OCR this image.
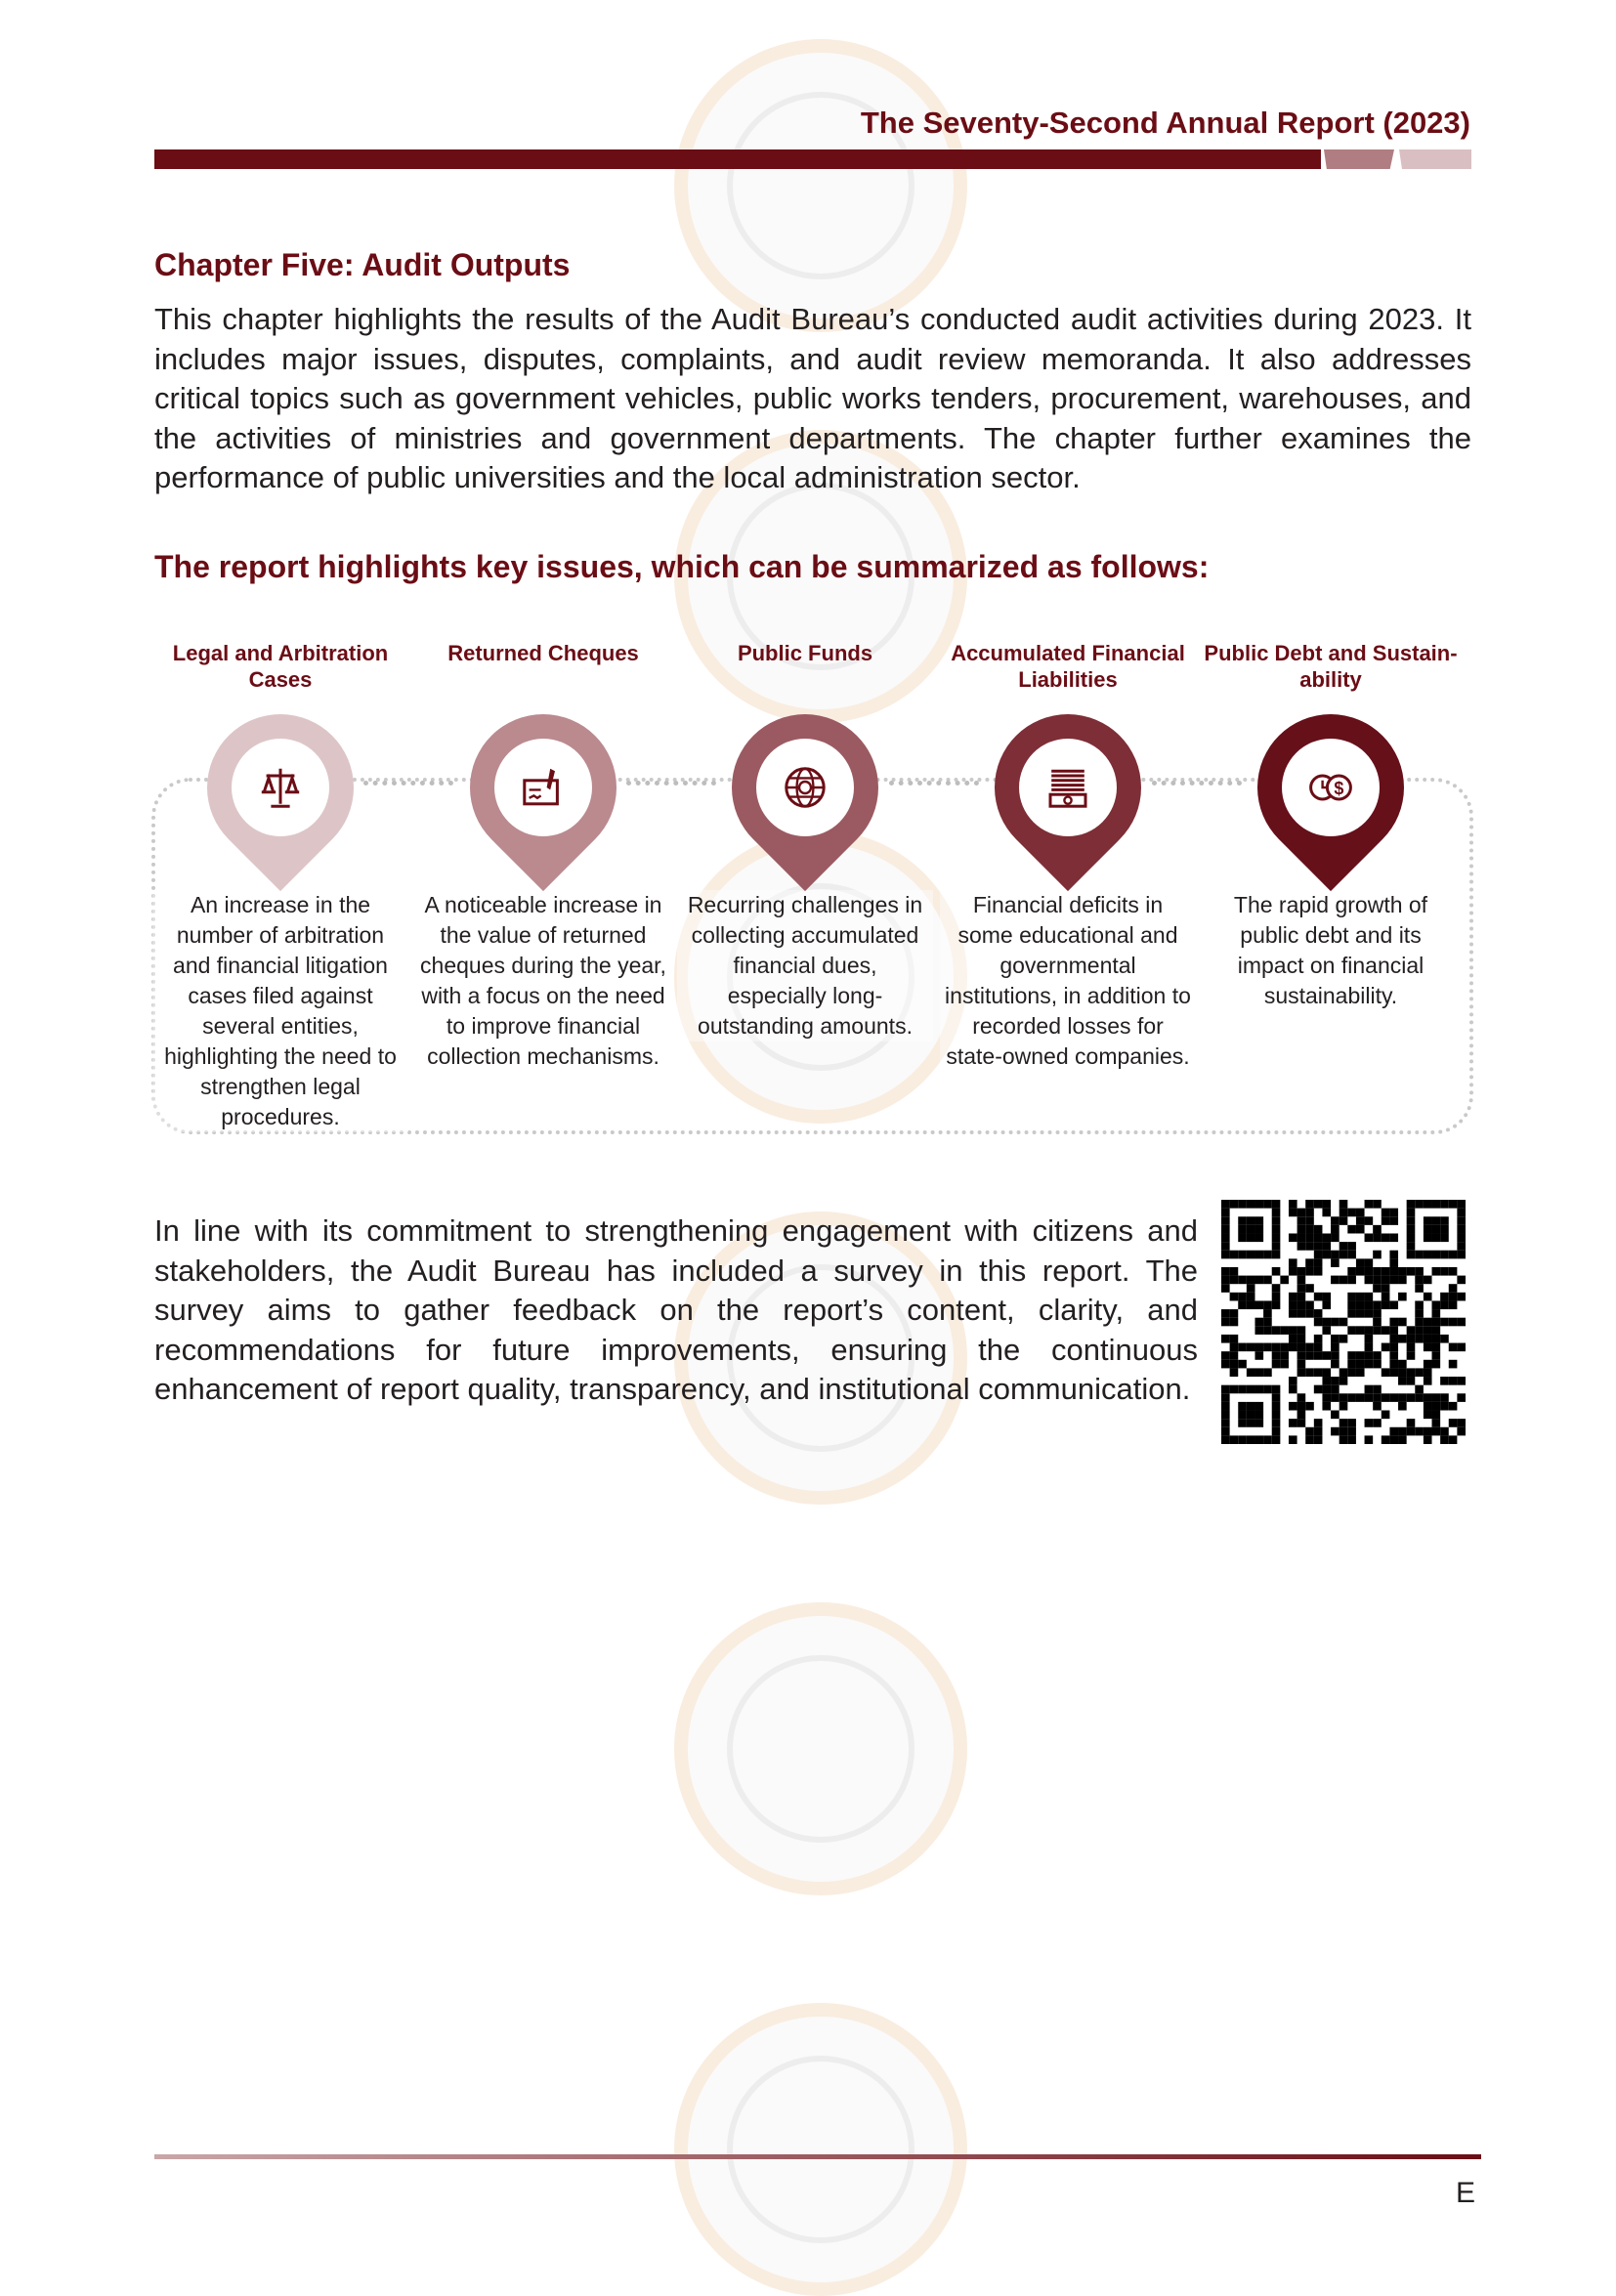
The Seventy-Second Annual Report (2023)
Chapter Five: Audit Outputs
This chapter highlights the results of the Audit Bureau’s conducted audit activities during 2023. It includes major issues, disputes, complaints, and audit review memoranda. It also addresses critical topics such as government vehicles, public works tenders, procurement, warehouses, and the activities of ministries and government departments. The chapter further examines the performance of public universities and the local administration sector.
The report highlights key issues, which can be summarized as follows:
Legal and Arbitration Cases

An increase in the number of arbitration and financial litigation cases filed against several entities, highlighting the need to strengthen legal procedures.

Returned Cheques

A noticeable increase in the value of returned cheques during the year, with a focus on the need to improve financial collection mechanisms.

Public Funds

Recurring challenges in collecting accumulated financial dues, especially long-outstanding amounts.

Accumulated Financial Liabilities

Financial deficits in some educational and governmental institutions, in addition to recorded losses for state-owned companies.

Public Debt and Sustain-ability
$

The rapid growth of public debt and its impact on financial sustainability.

In line with its commitment to strengthening engagement with citizens and stakeholders, the Audit Bureau has included a survey in this report. The survey aims to gather feedback on the report’s content, clarity, and recommendations for future improvements, ensuring the continuous enhancement of report quality, transparency, and institutional communication.
E
